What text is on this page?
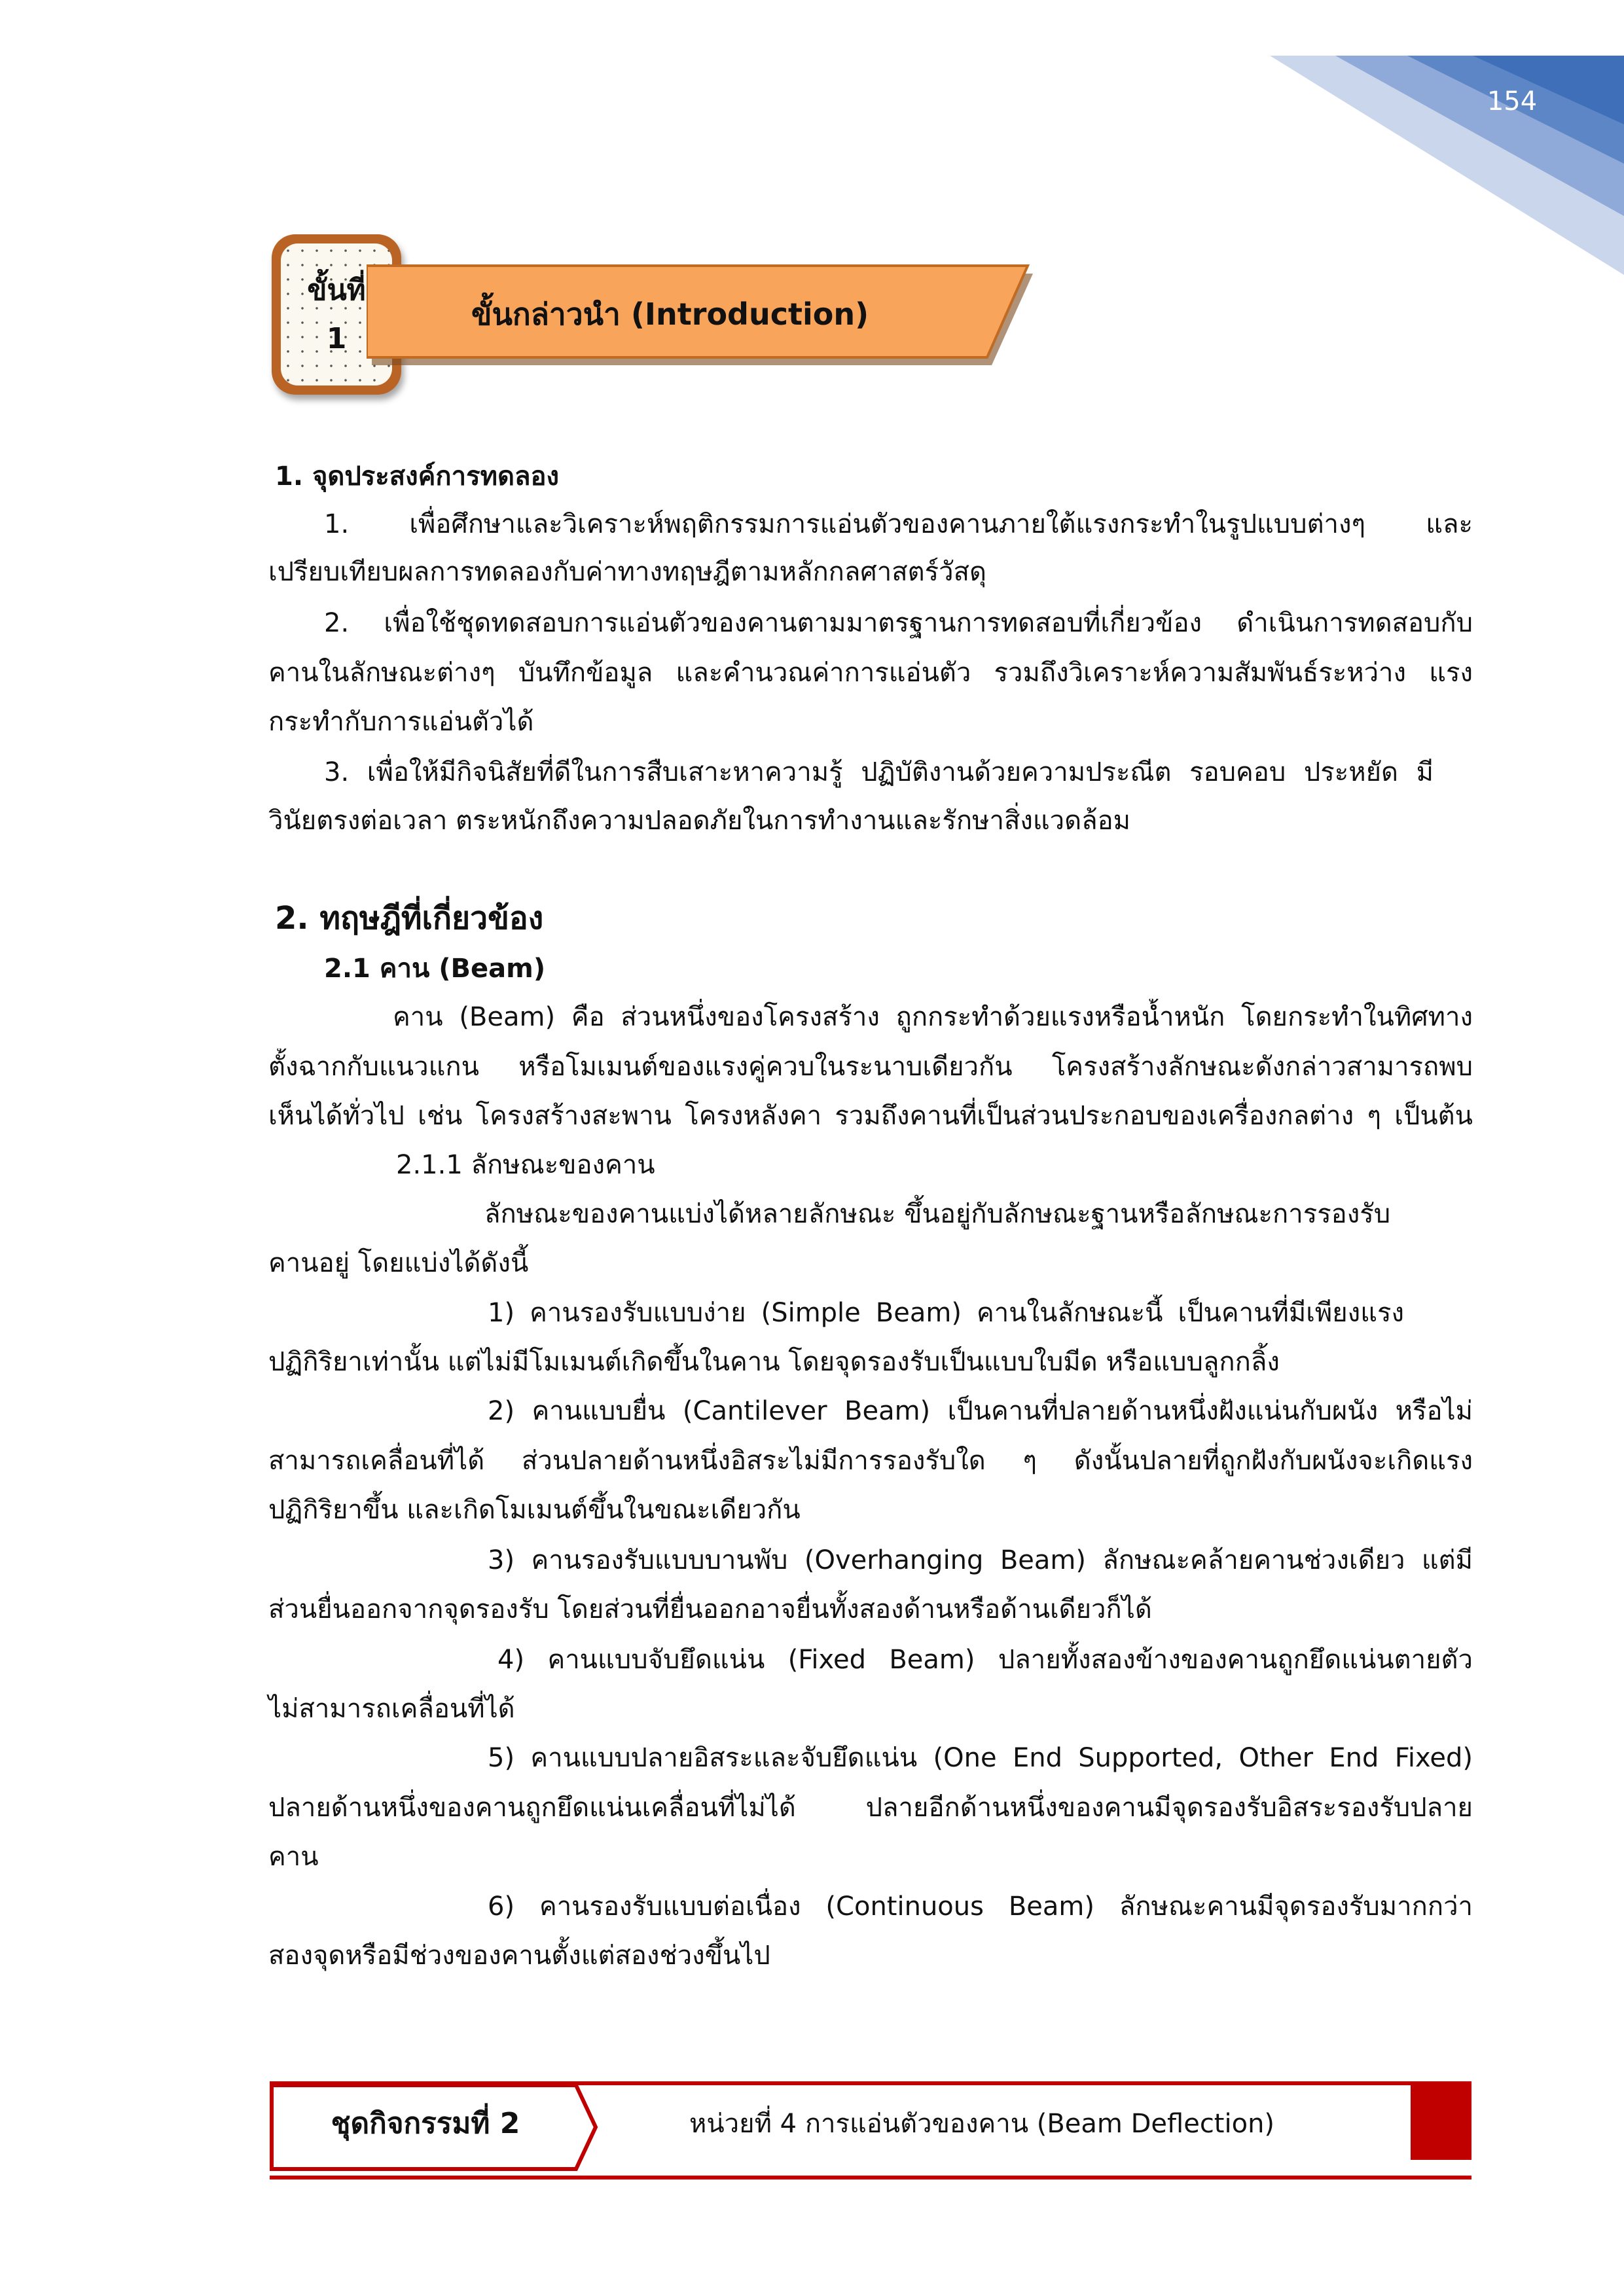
154
ขั้นที่
1
ขั้นกล่าวนำ (Introduction)
1. จุดประสงค์การทดลอง
1. เพื่อศึกษาและวิเคราะห์พฤติกรรมการแอ่นตัวของคานภายใต้แรงกระทำในรูปแบบต่างๆ และ
เปรียบเทียบผลการทดลองกับค่าทางทฤษฎีตามหลักกลศาสตร์วัสดุ
2. เพื่อใช้ชุดทดสอบการแอ่นตัวของคานตามมาตรฐานการทดสอบที่เกี่ยวข้อง ดำเนินการทดสอบกับ
คานในลักษณะต่างๆ บันทึกข้อมูล และคำนวณค่าการแอ่นตัว รวมถึงวิเคราะห์ความสัมพันธ์ระหว่าง แรง
กระทำกับการแอ่นตัวได้
3. เพื่อให้มีกิจนิสัยที่ดีในการสืบเสาะหาความรู้ ปฏิบัติงานด้วยความประณีต รอบคอบ ประหยัด มี
วินัยตรงต่อเวลา ตระหนักถึงความปลอดภัยในการทำงานและรักษาสิ่งแวดล้อม
2. ทฤษฎีที่เกี่ยวข้อง
2.1 คาน (Beam)
คาน (Beam) คือ ส่วนหนึ่งของโครงสร้าง ถูกกระทำด้วยแรงหรือน้ำหนัก โดยกระทำในทิศทาง
ตั้งฉากกับแนวแกน หรือโมเมนต์ของแรงคู่ควบในระนาบเดียวกัน โครงสร้างลักษณะดังกล่าวสามารถพบ
เห็นได้ทั่วไป เช่น โครงสร้างสะพาน โครงหลังคา รวมถึงคานที่เป็นส่วนประกอบของเครื่องกลต่าง ๆ เป็นต้น
2.1.1 ลักษณะของคาน
ลักษณะของคานแบ่งได้หลายลักษณะ ขึ้นอยู่กับลักษณะฐานหรือลักษณะการรองรับ
คานอยู่ โดยแบ่งได้ดังนี้
1) คานรองรับแบบง่าย (Simple Beam) คานในลักษณะนี้ เป็นคานที่มีเพียงแรง
ปฏิกิริยาเท่านั้น แต่ไม่มีโมเมนต์เกิดขึ้นในคาน โดยจุดรองรับเป็นแบบใบมีด หรือแบบลูกกลิ้ง
2) คานแบบยื่น (Cantilever Beam) เป็นคานที่ปลายด้านหนึ่งฝังแน่นกับผนัง หรือไม่
สามารถเคลื่อนที่ได้ ส่วนปลายด้านหนึ่งอิสระไม่มีการรองรับใด ๆ ดังนั้นปลายที่ถูกฝังกับผนังจะเกิดแรง
ปฏิกิริยาขึ้น และเกิดโมเมนต์ขึ้นในขณะเดียวกัน
3) คานรองรับแบบบานพับ (Overhanging Beam) ลักษณะคล้ายคานช่วงเดียว แต่มี
ส่วนยื่นออกจากจุดรองรับ โดยส่วนที่ยื่นออกอาจยื่นทั้งสองด้านหรือด้านเดียวก็ได้
4) คานแบบจับยึดแน่น (Fixed Beam) ปลายทั้งสองข้างของคานถูกยึดแน่นตายตัว
ไม่สามารถเคลื่อนที่ได้
5) คานแบบปลายอิสระและจับยึดแน่น (One End Supported, Other End Fixed)
ปลายด้านหนึ่งของคานถูกยึดแน่นเคลื่อนที่ไม่ได้ ปลายอีกด้านหนึ่งของคานมีจุดรองรับอิสระรองรับปลาย
คาน
6) คานรองรับแบบต่อเนื่อง (Continuous Beam) ลักษณะคานมีจุดรองรับมากกว่า
สองจุดหรือมีช่วงของคานตั้งแต่สองช่วงขึ้นไป
ชุดกิจกรรมที่ 2	หน่วยที่ 4 การแอ่นตัวของคาน (Beam Deflection)
